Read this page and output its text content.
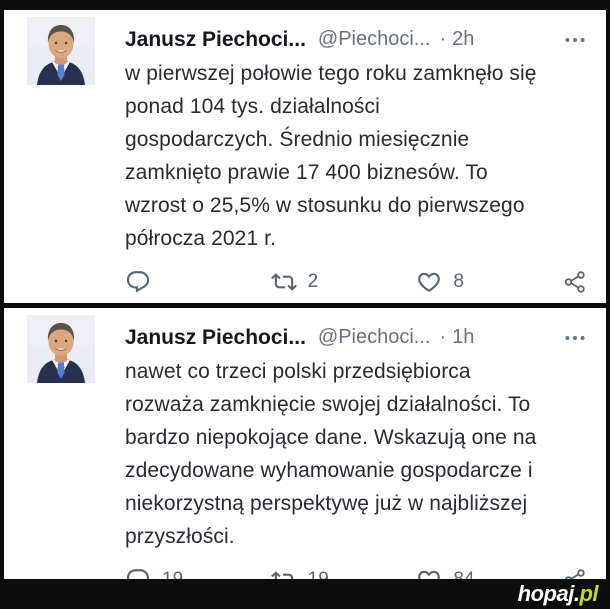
Janusz Piechoci... @Piechoci... · 2h
w pierwszej połowie tego roku zamknęło się
ponad 104 tys. działalności
gospodarczych. Średnio miesięcznie
zamknięto prawie 17 400 biznesów. To
wzrost o 25,5% w stosunku do pierwszego
półrocza 2021 r.
2	8
Janusz Piechoci... @Piechoci... · 1h
nawet co trzeci polski przedsiębiorca
rozważa zamknięcie swojej działalności. To
bardzo niepokojące dane. Wskazują one na
zdecydowane wyhamowanie gospodarcze i
niekorzystną perspektywę już w najbliższej
przyszłości.
hopaj.pl
